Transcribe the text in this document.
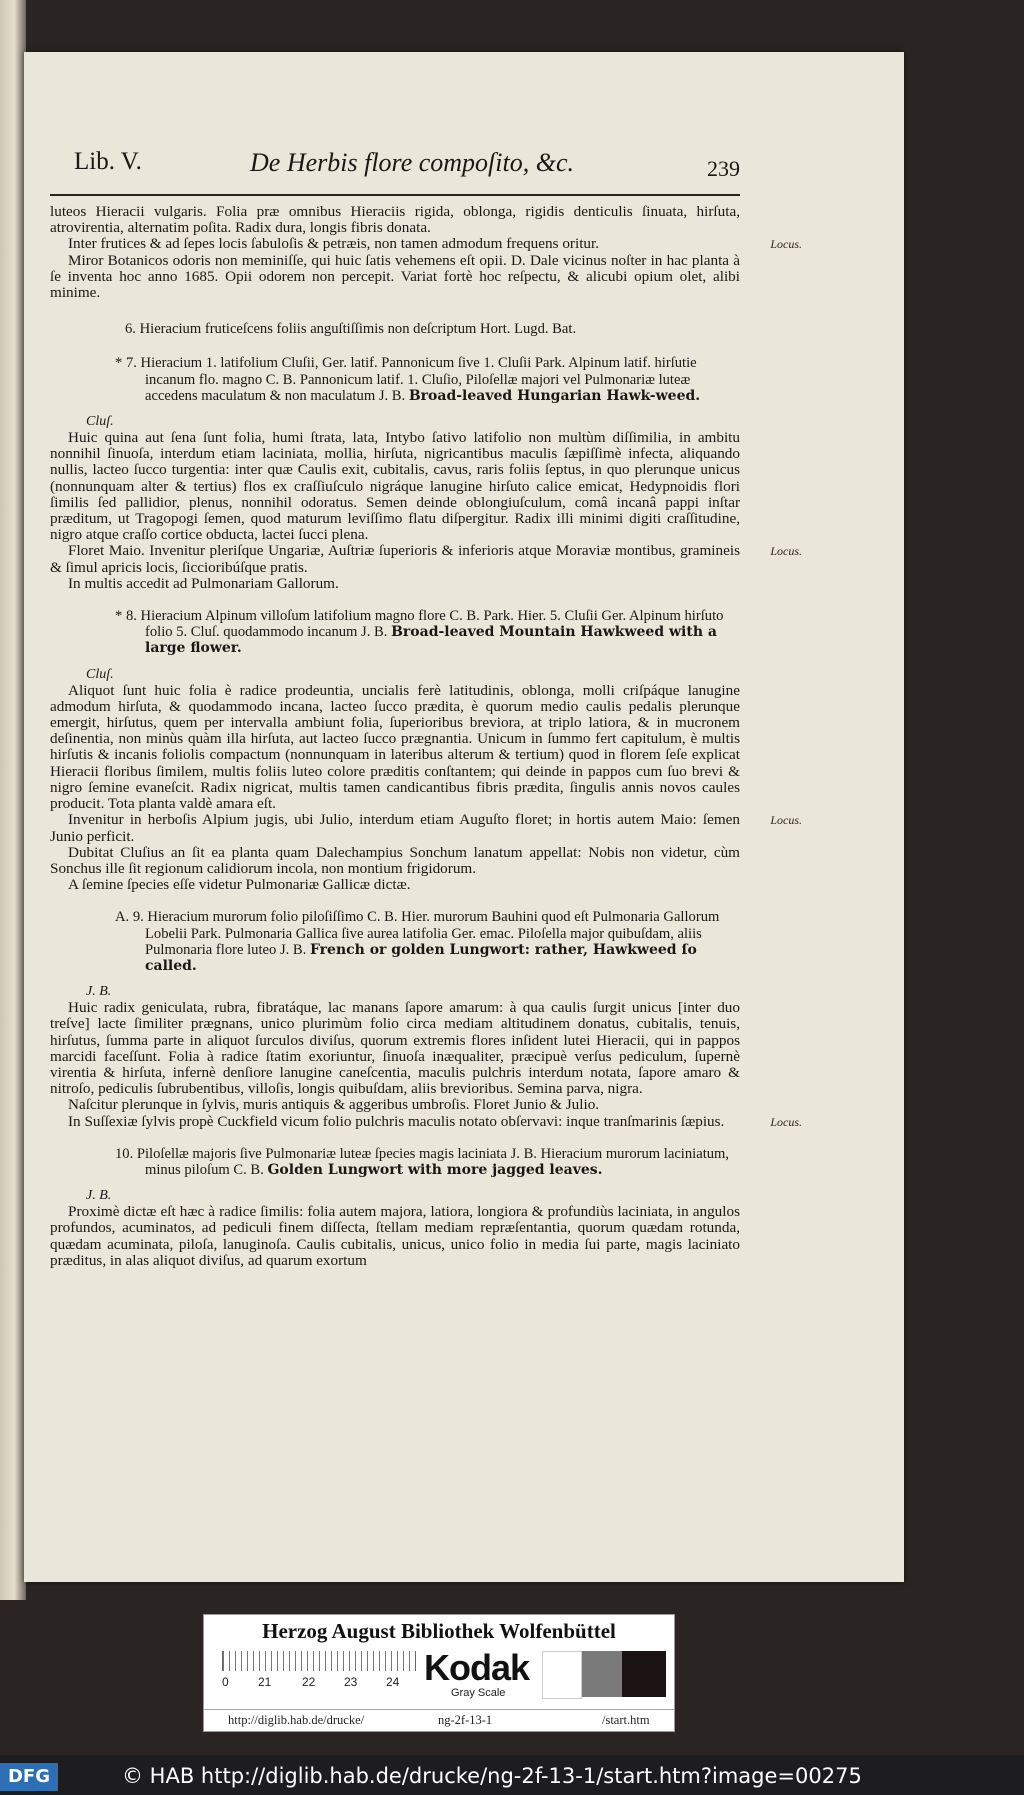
Lib. V.	De Herbis flore compoſito, &c.	239

luteos Hieracii vulgaris. Folia præ omnibus Hieraciis rigida, oblonga, rigidis denticulis ſinuata, hirſuta, atrovirentia, alternatim poſita. Radix dura, longis fibris donata.

Inter frutices & ad ſepes locis ſabuloſis & petræis, non tamen admodum frequens oritur.	Locus.

Miror Botanicos odoris non meminiſſe, qui huic ſatis vehemens eſt opii. D. Dale vicinus noſter in hac planta à ſe inventa hoc anno 1685. Opii odorem non percepit. Variat fortè hoc reſpectu, & alicubi opium olet, alibi minime.

6. Hieracium fruticeſcens foliis anguſtiſſimis non deſcriptum Hort. Lugd. Bat.
* 7. Hieracium 1. latifolium Cluſii, Ger. latif. Pannonicum ſive 1. Cluſii Park. Alpinum latif. hirſutie incanum flo. magno C. B. Pannonicum latif. 1. Cluſio, Piloſellæ majori vel Pulmonariæ luteæ accedens maculatum & non maculatum J. B. Broad-leaved Hungarian Hawk-weed.
Cluſ.

Huic quina aut ſena ſunt folia, humi ſtrata, lata, Intybo ſativo latifolio non multùm diſſimilia, in ambitu nonnihil ſinuoſa, interdum etiam laciniata, mollia, hirſuta, nigricantibus maculis ſæpiſſimè infecta, aliquando nullis, lacteo ſucco turgentia: inter quæ Caulis exit, cubitalis, cavus, raris foliis ſeptus, in quo plerunque unicus (nonnunquam alter & tertius) flos ex craſſiuſculo nigráque lanugine hirſuto calice emicat, Hedypnoidis flori ſimilis ſed pallidior, plenus, nonnihil odoratus. Semen deinde oblongiuſculum, comâ incanâ pappi inſtar præditum, ut Tragopogi ſemen, quod maturum leviſſimo flatu diſpergitur. Radix illi minimi digiti craſſitudine, nigro atque craſſo cortice obducta, lactei ſucci plena.

Floret Maio. Invenitur pleriſque Ungariæ, Auſtriæ ſuperioris & inferioris atque Moraviæ montibus, gramineis & ſimul apricis locis, ſiccioribúſque pratis.
Locus.

In multis accedit ad Pulmonariam Gallorum.

* 8. Hieracium Alpinum villoſum latifolium magno flore C. B. Park. Hier. 5. Cluſii Ger. Alpinum hirſuto folio 5. Cluſ. quodammodo incanum J. B. Broad-leaved Mountain Hawkweed with a large flower.
Cluſ.

Aliquot ſunt huic folia è radice prodeuntia, uncialis ferè latitudinis, oblonga, molli criſpáque lanugine admodum hirſuta, & quodammodo incana, lacteo ſucco prædita, è quorum medio caulis pedalis plerunque emergit, hirſutus, quem per intervalla ambiunt folia, ſuperioribus breviora, at triplo latiora, & in mucronem deſinentia, non minùs quàm illa hirſuta, aut lacteo ſucco prægnantia. Unicum in ſummo fert capitulum, è multis hirſutis & incanis foliolis compactum (nonnunquam in lateribus alterum & tertium) quod in florem ſeſe explicat Hieracii floribus ſimilem, multis foliis luteo colore præditis conſtantem; qui deinde in pappos cum ſuo brevi & nigro ſemine evaneſcit. Radix nigricat, multis tamen candicantibus fibris prædita, ſingulis annis novos caules producit. Tota planta valdè amara eſt.

Invenitur in herboſis Alpium jugis, ubi Julio, interdum etiam Auguſto floret; in hortis autem Maio: ſemen Junio perficit.
Locus.

Dubitat Cluſius an ſit ea planta quam Dalechampius Sonchum lanatum appellat: Nobis non videtur, cùm Sonchus ille ſit regionum calidiorum incola, non montium frigidorum.

A ſemine ſpecies eſſe videtur Pulmonariæ Gallicæ dictæ.

A. 9. Hieracium murorum folio piloſiſſimo C. B. Hier. murorum Bauhini quod eſt Pulmonaria Gallorum Lobelii Park. Pulmonaria Gallica ſive aurea latifolia Ger. emac. Piloſella major quibuſdam, aliis Pulmonaria flore luteo J. B. French or golden Lungwort: rather, Hawkweed ſo called.
J. B.

Huic radix geniculata, rubra, fibratáque, lac manans ſapore amarum: à qua caulis ſurgit unicus [inter duo treſve] lacte ſimiliter prægnans, unico plurimùm folio circa mediam altitudinem donatus, cubitalis, tenuis, hirſutus, ſumma parte in aliquot ſurculos diviſus, quorum extremis flores inſident lutei Hieracii, qui in pappos marcidi faceſſunt. Folia à radice ſtatim exoriuntur, ſinuoſa inæqualiter, præcipuè verſus pediculum, ſupernè virentia & hirſuta, infernè denſiore lanugine caneſcentia, maculis pulchris interdum notata, ſapore amaro & nitroſo, pediculis ſubrubentibus, villoſis, longis quibuſdam, aliis brevioribus. Semina parva, nigra.

Naſcitur plerunque in ſylvis, muris antiquis & aggeribus umbroſis. Floret Junio & Julio.

In Suſſexiæ ſylvis propè Cuckfield vicum folio pulchris maculis notato obſervavi: inque tranſmarinis ſæpius.	Locus.

10. Piloſellæ majoris ſive Pulmonariæ luteæ ſpecies magis laciniata J. B. Hieracium murorum laciniatum, minus piloſum C. B. Golden Lungwort with more jagged leaves.
J. B.

Proximè dictæ eſt hæc à radice ſimilis: folia autem majora, latiora, longiora & profundiùs laciniata, in angulos profundos, acuminatos, ad pediculi finem diſſecta, ſtellam mediam repræſentantia, quorum quædam rotunda, quædam acuminata, piloſa, lanuginoſa. Caulis cubitalis, unicus, unico folio in media ſui parte, magis laciniato præditus, in alas aliquot diviſus, ad quarum exortum

Herzog August Bibliothek Wolfenbüttel
0 21	22 23 24 Kodak
Gray Scale
http://diglib.hab.de/drucke/	ng-2f-13-1	/start.htm
DFG	© HAB http://diglib.hab.de/drucke/ng-2f-13-1/start.htm?image=00275
